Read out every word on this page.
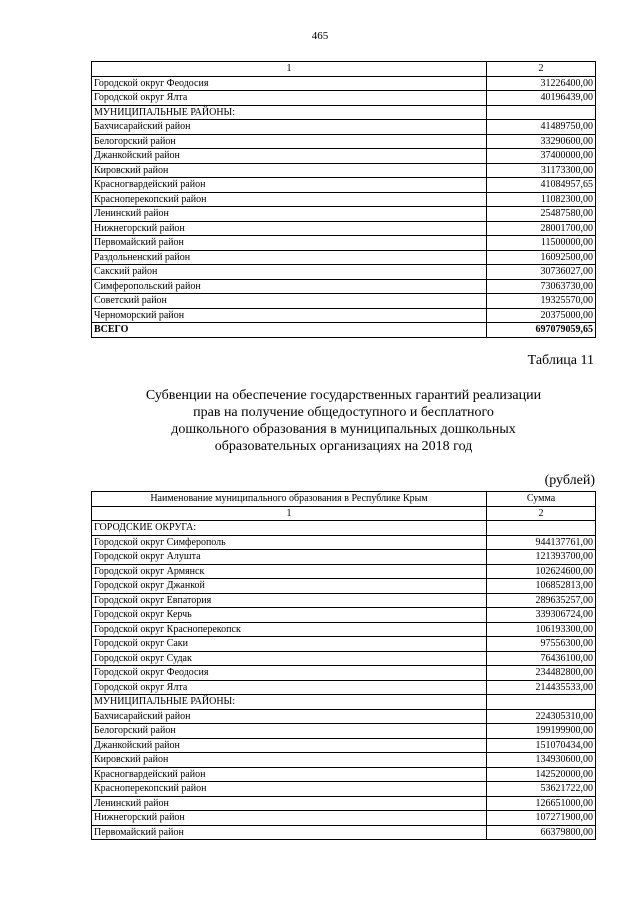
465
1	2
Городской округ Феодосия	31226400,00
Городской округ Ялта	40196439,00
МУНИЦИПАЛЬНЫЕ РАЙОНЫ:	
Бахчисарайский район	41489750,00
Белогорский район	33290600,00
Джанкойский район	37400000,00
Кировский район	31173300,00
Красногвардейский район	41084957,65
Красноперекопский район	11082300,00
Ленинский район	25487580,00
Нижнегорский район	28001700,00
Первомайский район	11500000,00
Раздольненский район	16092500,00
Сакский район	30736027,00
Симферопольский район	73063730,00
Советский район	19325570,00
Черноморский район	20375000,00
ВСЕГО	697079059,65
Таблица 11
Субвенции на обеспечение государственных гарантий реализации
прав на получение общедоступного и бесплатного
дошкольного образования в муниципальных дошкольных
образовательных организациях на 2018 год
(рублей)
Наименование муниципального образования в Республике Крым	Сумма
1	2
ГОРОДСКИЕ ОКРУГА:	
Городской округ Симферополь	944137761,00
Городской округ Алушта	121393700,00
Городской округ Армянск	102624600,00
Городской округ Джанкой	106852813,00
Городской округ Евпатория	289635257,00
Городской округ Керчь	339306724,00
Городской округ Красноперекопск	106193300,00
Городской округ Саки	97556300,00
Городской округ Судак	76436100,00
Городской округ Феодосия	234482800,00
Городской округ Ялта	214435533,00
МУНИЦИПАЛЬНЫЕ РАЙОНЫ:	
Бахчисарайский район	224305310,00
Белогорский район	199199900,00
Джанкойский район	151070434,00
Кировский район	134930600,00
Красногвардейский район	142520000,00
Красноперекопский район	53621722,00
Ленинский район	126651000,00
Нижнегорский район	107271900,00
Первомайский район	66379800,00
